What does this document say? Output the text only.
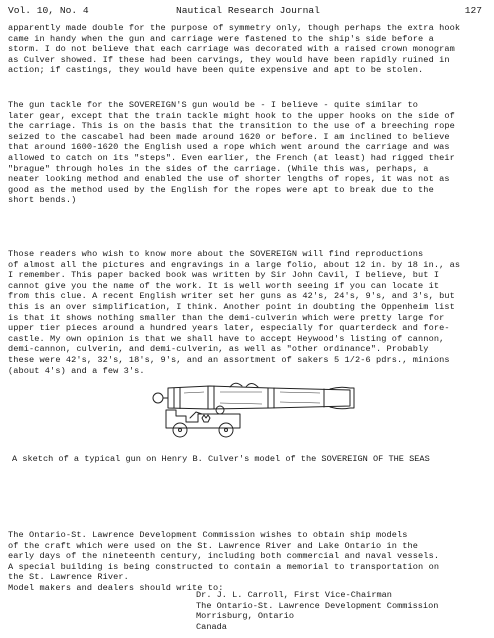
Vol. 10, No. 4	Nautical Research Journal	127
apparently made double for the purpose of symmetry only, though perhaps the extra hook
came in handy when the gun and carriage were fastened to the ship's side before a
storm. I do not believe that each carriage was decorated with a raised crown monogram
as Culver showed. If these had been carvings, they would have been rapidly ruined in
action; if castings, they would have been quite expensive and apt to be stolen.
The gun tackle for the SOVEREIGN'S gun would be - I believe - quite similar to
later gear, except that the train tackle might hook to the upper hooks on the side of
the carriage. This is on the basis that the transition to the use of a breeching rope
seized to the cascabel had been made around 1620 or before. I am inclined to believe
that around 1600-1620 the English used a rope which went around the carriage and was
allowed to catch on its "steps". Even earlier, the French (at least) had rigged their
"brague" through holes in the sides of the carriage. (While this was, perhaps, a
neater looking method and enabled the use of shorter lengths of ropes, it was not as
good as the method used by the English for the ropes were apt to break due to the
short bends.)
Those readers who wish to know more about the SOVEREIGN will find reproductions
of almost all the pictures and engravings in a large folio, about 12 in. by 18 in., as
I remember. This paper backed book was written by Sir John Cavil, I believe, but I
cannot give you the name of the work. It is well worth seeing if you can locate it
from this clue. A recent English writer set her guns as 42's, 24's, 9's, and 3's, but
this is an over simplification, I think. Another point in doubting the Oppenheim list
is that it shows nothing smaller than the demi-culverin which were pretty large for
upper tier pieces around a hundred years later, especially for quarterdeck and fore-
castle. My own opinion is that we shall have to accept Heywood's listing of cannon,
demi-cannon, culverin, and demi-culverin, as well as "other ordinance". Probably
these were 42's, 32's, 18's, 9's, and an assortment of sakers 5 1/2-6 pdrs., minions
(about 4's) and a few 3's.
A sketch of a typical gun on Henry B. Culver's model of the SOVEREIGN OF THE SEAS
The Ontario-St. Lawrence Development Commission wishes to obtain ship models
of the craft which were used on the St. Lawrence River and Lake Ontario in the
early days of the nineteenth century, including both commercial and naval vessels.
A special building is being constructed to contain a memorial to transportation on
the St. Lawrence River.
Model makers and dealers should write to:
Dr. J. L. Carroll, First Vice-Chairman
The Ontario-St. Lawrence Development Commission
Morrisburg, Ontario
Canada
